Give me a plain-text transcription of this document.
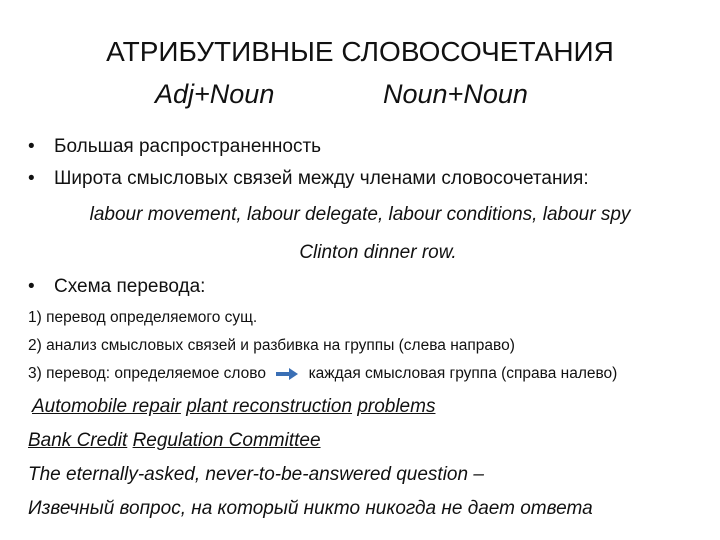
АТРИБУТИВНЫЕ СЛОВОСОЧЕТАНИЯ
Adj+Noun	Noun+Noun
• Большая распространенность
• Широта смысловых связей между членами словосочетания:
labour movement, labour delegate, labour conditions, labour spy
Clinton dinner row.
• Схема перевода:
1) перевод определяемого сущ.
2) анализ смысловых связей и разбивка на группы (слева направо)
3) перевод: определяемое слово	каждая смысловая группа (справа налево)
Automobile repair plant reconstruction problems
Bank Credit Regulation Committee
The eternally-asked, never-to-be-answered question –
Извечный вопрос, на который никто никогда не дает ответа
